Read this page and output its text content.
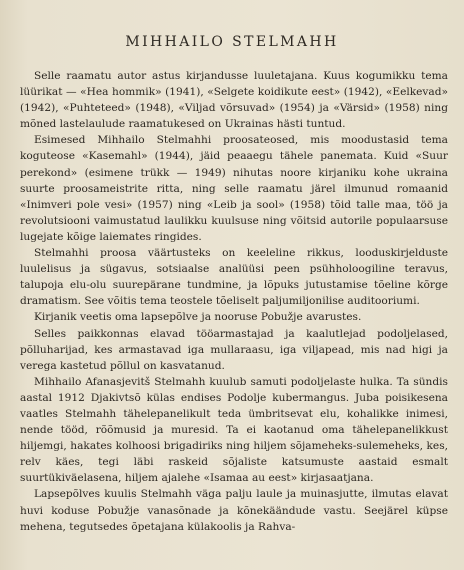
MIHHAILO STELMAHH

Selle raamatu autor astus kirjandusse luuletajana. Kuus kogumikku tema lüürikat — «Hea hommik» (1941), «Selgete koidikute eest» (1942), «Eelkevad» (1942), «Puhteteed» (1948), «Viljad võrsuvad» (1954) ja «Värsid» (1958) ning mõned lastelaulude raamatukesed on Ukrainas hästi tuntud.

Esimesed Mihhailo Stelmahhi proosateosed, mis moodustasid tema koguteose «Kasemahl» (1944), jäid peaaegu tähele panemata. Kuid «Suur perekond» (esimene trükk — 1949) nihutas noore kirjaniku kohe ukraina suurte proosameistrite ritta, ning selle raamatu järel ilmunud romaanid «Inimveri pole vesi» (1957) ning «Leib ja sool» (1958) tõid talle maa, töö ja revolutsiooni vaimustatud laulikku kuulsuse ning võitsid autorile populaarsuse lugejate kõige laiemates ringides.

Stelmahhi proosa väärtusteks on keeleline rikkus, looduskirjelduste luulelisus ja sügavus, sotsiaalse analüüsi peen psühholoogiline teravus, talupoja elu-olu suurepärane tundmine, ja lõpuks jutustamise tõeline kõrge dramatism. See võitis tema teostele tõeliselt paljumiljonilise auditooriumi.

Kirjanik veetis oma lapsepõlve ja nooruse Pobužje avarustes.

Selles paikkonnas elavad tööarmastajad ja kaalutlejad podoljelased, põlluharijad, kes armastavad iga mullaraasu, iga viljapead, mis nad higi ja verega kastetud põllul on kasvatanud.

Mihhailo Afanasjevitš Stelmahh kuulub samuti podoljelaste hulka. Ta sündis aastal 1912 Djakivtsõ külas endises Podolje kubermangus. Juba poisikesena vaatles Stelmahh tähelepanelikult teda ümbritsevat elu, kohalikke inimesi, nende tööd, rõõmusid ja muresid. Ta ei kaotanud oma tähelepanelikkust hiljemgi, hakates kolhoosi brigadiriks ning hiljem sõjameheks-sulemeheks, kes, relv käes, tegi läbi raskeid sõjaliste katsumuste aastaid esmalt suurtükiväelasena, hiljem ajalehe «Isamaa au eest» kirjasaatjana.

Lapsepõlves kuulis Stelmahh väga palju laule ja muinasjutte, ilmutas elavat huvi koduse Pobužje vanasõnade ja kõnekäändude vastu. Seejärel küpse mehena, tegutsedes õpetajana külakoolis ja Rahva-
